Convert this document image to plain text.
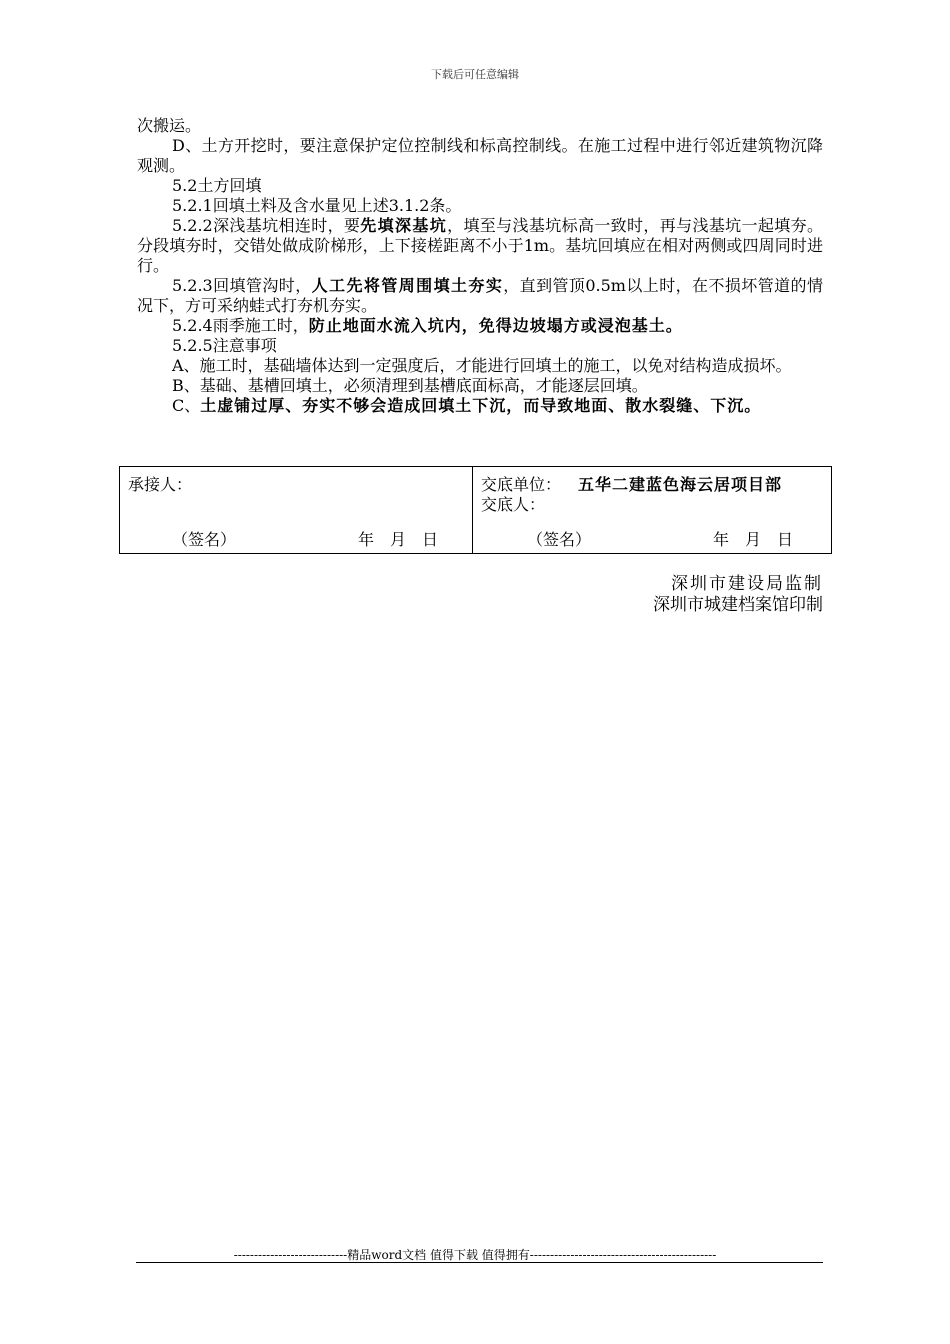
下载后可任意编辑

次搬运。

D、土方开挖时，要注意保护定位控制线和标高控制线。在施工过程中进行邻近建筑物沉降观测。

5.2土方回填

5.2.1回填土料及含水量见上述3.1.2条。

5.2.2深浅基坑相连时，要先填深基坑，填至与浅基坑标高一致时，再与浅基坑一起填夯。分段填夯时，交错处做成阶梯形，上下接槎距离不小于1m。基坑回填应在相对两侧或四周同时进行。

5.2.3回填管沟时，人工先将管周围填土夯实，直到管顶0.5m以上时，在不损坏管道的情况下，方可采纳蛙式打夯机夯实。

5.2.4雨季施工时，防止地面水流入坑内，免得边坡塌方或浸泡基土。

5.2.5注意事项

A、施工时，基础墙体达到一定强度后，才能进行回填土的施工，以免对结构造成损坏。

B、基础、基槽回填土，必须清理到基槽底面标高，才能逐层回填。

C、土虚铺过厚、夯实不够会造成回填土下沉，而导致地面、散水裂缝、下沉。

承接人：
（签名）	年　月　日
交底单位： 五华二建蓝色海云居项目部
交底人：
（签名）	年　月　日
深圳市建设局监制
深圳市城建档案馆印制
----------------------------精品word文档 值得下载 值得拥有----------------------------------------------
